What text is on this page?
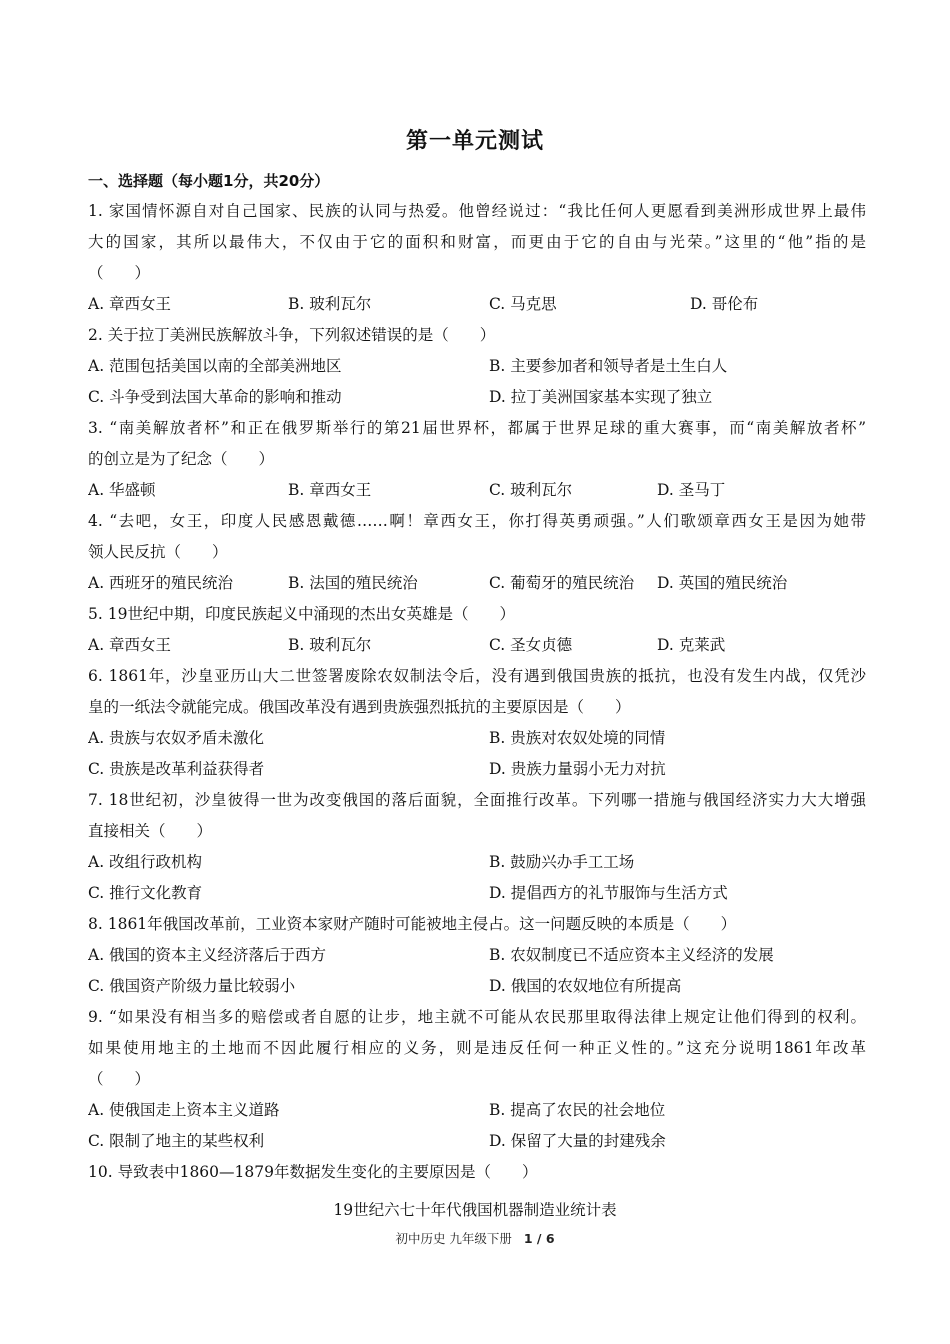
第一单元测试
一、选择题（每小题1分，共20分）
1. 家国情怀源自对自己国家、民族的认同与热爱。他曾经说过：“我比任何人更愿看到美洲形成世界上最伟
大的国家，其所以最伟大，不仅由于它的面积和财富，而更由于它的自由与光荣。”这里的“他”指的是
（　　）
A. 章西女王	B. 玻利瓦尔	C. 马克思	D. 哥伦布
2. 关于拉丁美洲民族解放斗争，下列叙述错误的是（　　）
A. 范围包括美国以南的全部美洲地区	B. 主要参加者和领导者是土生白人
C. 斗争受到法国大革命的影响和推动	D. 拉丁美洲国家基本实现了独立
3. “南美解放者杯”和正在俄罗斯举行的第21届世界杯，都属于世界足球的重大赛事，而“南美解放者杯”
的创立是为了纪念（　　）
A. 华盛顿	B. 章西女王	C. 玻利瓦尔	D. 圣马丁
4. “去吧，女王，印度人民感恩戴德……啊！章西女王，你打得英勇顽强。”人们歌颂章西女王是因为她带
领人民反抗（　　）
A. 西班牙的殖民统治	B. 法国的殖民统治	C. 葡萄牙的殖民统治	D. 英国的殖民统治
5. 19世纪中期，印度民族起义中涌现的杰出女英雄是（　　）
A. 章西女王	B. 玻利瓦尔	C. 圣女贞德	D. 克莱武
6. 1861年，沙皇亚历山大二世签署废除农奴制法令后，没有遇到俄国贵族的抵抗，也没有发生内战，仅凭沙
皇的一纸法令就能完成。俄国改革没有遇到贵族强烈抵抗的主要原因是（　　）
A. 贵族与农奴矛盾未激化	B. 贵族对农奴处境的同情
C. 贵族是改革利益获得者	D. 贵族力量弱小无力对抗
7. 18世纪初，沙皇彼得一世为改变俄国的落后面貌，全面推行改革。下列哪一措施与俄国经济实力大大增强
直接相关（　　）
A. 改组行政机构	B. 鼓励兴办手工工场
C. 推行文化教育	D. 提倡西方的礼节服饰与生活方式
8. 1861年俄国改革前，工业资本家财产随时可能被地主侵占。这一问题反映的本质是（　　）
A. 俄国的资本主义经济落后于西方	B. 农奴制度已不适应资本主义经济的发展
C. 俄国资产阶级力量比较弱小	D. 俄国的农奴地位有所提高
9. “如果没有相当多的赔偿或者自愿的让步，地主就不可能从农民那里取得法律上规定让他们得到的权利。
如果使用地主的土地而不因此履行相应的义务，则是违反任何一种正义性的。”这充分说明1861年改革
（　　）
A. 使俄国走上资本主义道路	B. 提高了农民的社会地位
C. 限制了地主的某些权利	D. 保留了大量的封建残余
10. 导致表中1860—1879年数据发生变化的主要原因是（　　）
19世纪六七十年代俄国机器制造业统计表
初中历史 九年级下册 1 / 6
